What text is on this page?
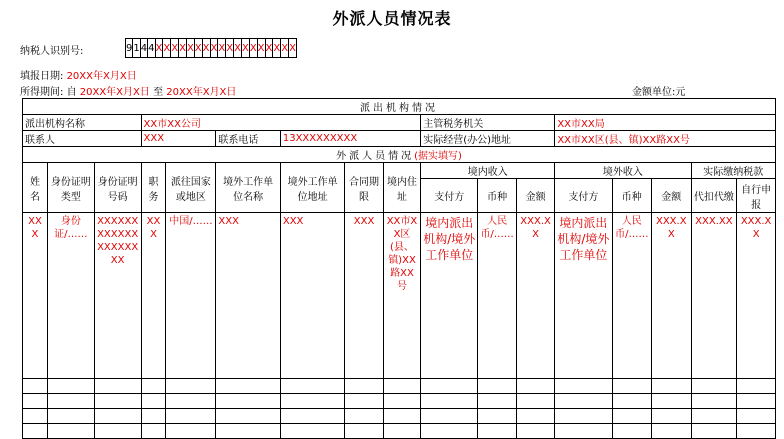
外派人员情况表
纳税人识别号:	9	1	4	4	X	X	X	X	X	X	X	X	X	X	X	X	X	X	X	X	X	X
填报日期: 20XX年X月X日
所得期间: 自 20XX年X月X日 至 20XX年X月X日	金额单位:元
派出机构情况																
派出机构名称			XX市XX公司						主管税务机关			XX市XX局				
联系人			XXX		联系电话	13XXXXXXXXX			实际经营(办公)地址			XX市XX区(县、镇)XX路XX号				
外派人员情况(据实填写)																
姓名	身份证明类型	身份证明号码	职务	派往国家或地区	境外工作单位名称	境外工作单位地址	合同期限	境内住址	境内收入			境外收入			实际缴纳税款	
									支付方	币种	金额	支付方	币种	金额	代扣代缴	自行申报
XXX	身份证/……	XXXXXXXXXXXXXXXXXXXX	XXX	中国/……	XXX	XXX	XXX	XX市XX区(县、镇)XX路XX号	境内派出机构/境外工作单位	人民币/……	XXX.XX	境内派出机构/境外工作单位	人民币/……	XXX.XX	XXX.XX	XXX.XX
